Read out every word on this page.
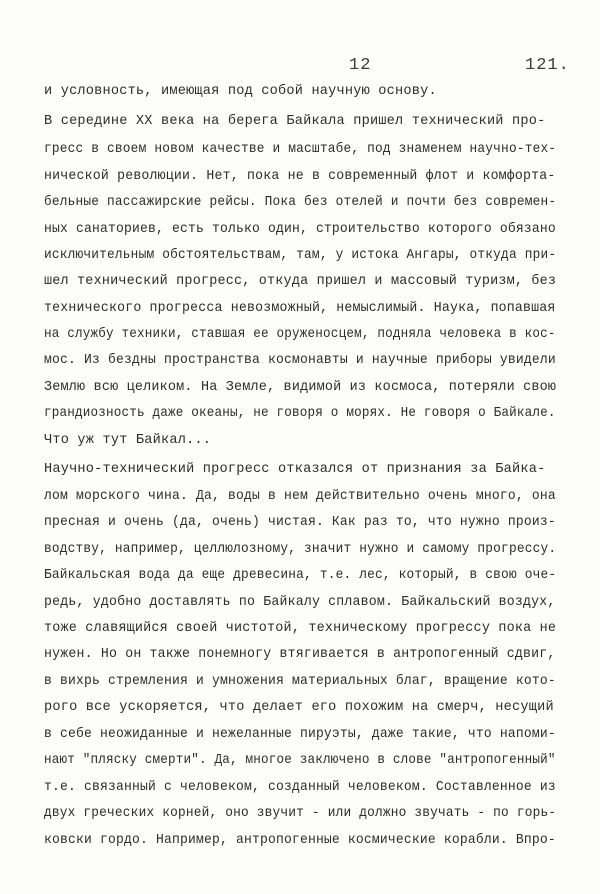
12	121.
и условность, имеющая под собой научную основу.
В середине XX века на берега Байкала пришел технический про-
гресс в своем новом качестве и масштабе, под знаменем научно-тех-
нической революции. Нет, пока не в современный флот и комфорта-
бельные пассажирские рейсы. Пока без отелей и почти без современ-
ных санаториев, есть только один, строительство которого обязано
исключительным обстоятельствам, там, у истока Ангары, откуда при-
шел технический прогресс, откуда пришел и массовый туризм, без
технического прогресса невозможный, немыслимый. Наука, попавшая
на службу техники, ставшая ее оруженосцем, подняла человека в кос-
мос. Из бездны пространства космонавты и научные приборы увидели
Землю всю целиком. На Земле, видимой из космоса, потеряли свою
грандиозность даже океаны, не говоря о морях. Не говоря о Байкале.
Что уж тут Байкал...
Научно-технический прогресс отказался от признания за Байка-
лом морского чина. Да, воды в нем действительно очень много, она
пресная и очень (да, очень) чистая. Как раз то, что нужно произ-
водству, например, целлюлозному, значит нужно и самому прогрессу.
Байкальская вода да еще древесина, т.е. лес, который, в свою оче-
редь, удобно доставлять по Байкалу сплавом. Байкальский воздух,
тоже славящийся своей чистотой, техническому прогрессу пока не
нужен. Но он также понемногу втягивается в антропогенный сдвиг,
в вихрь стремления и умножения материальных благ, вращение кото-
рого все ускоряется, что делает его похожим на смерч, несущий
в себе неожиданные и нежеланные пируэты, даже такие, что напоми-
нают "пляску смерти". Да, многое заключено в слове "антропогенный"
т.е. связанный с человеком, созданный человеком. Составленное из
двух греческих корней, оно звучит - или должно звучать - по горь-
ковски гордо. Например, антропогенные космические корабли. Впро-
